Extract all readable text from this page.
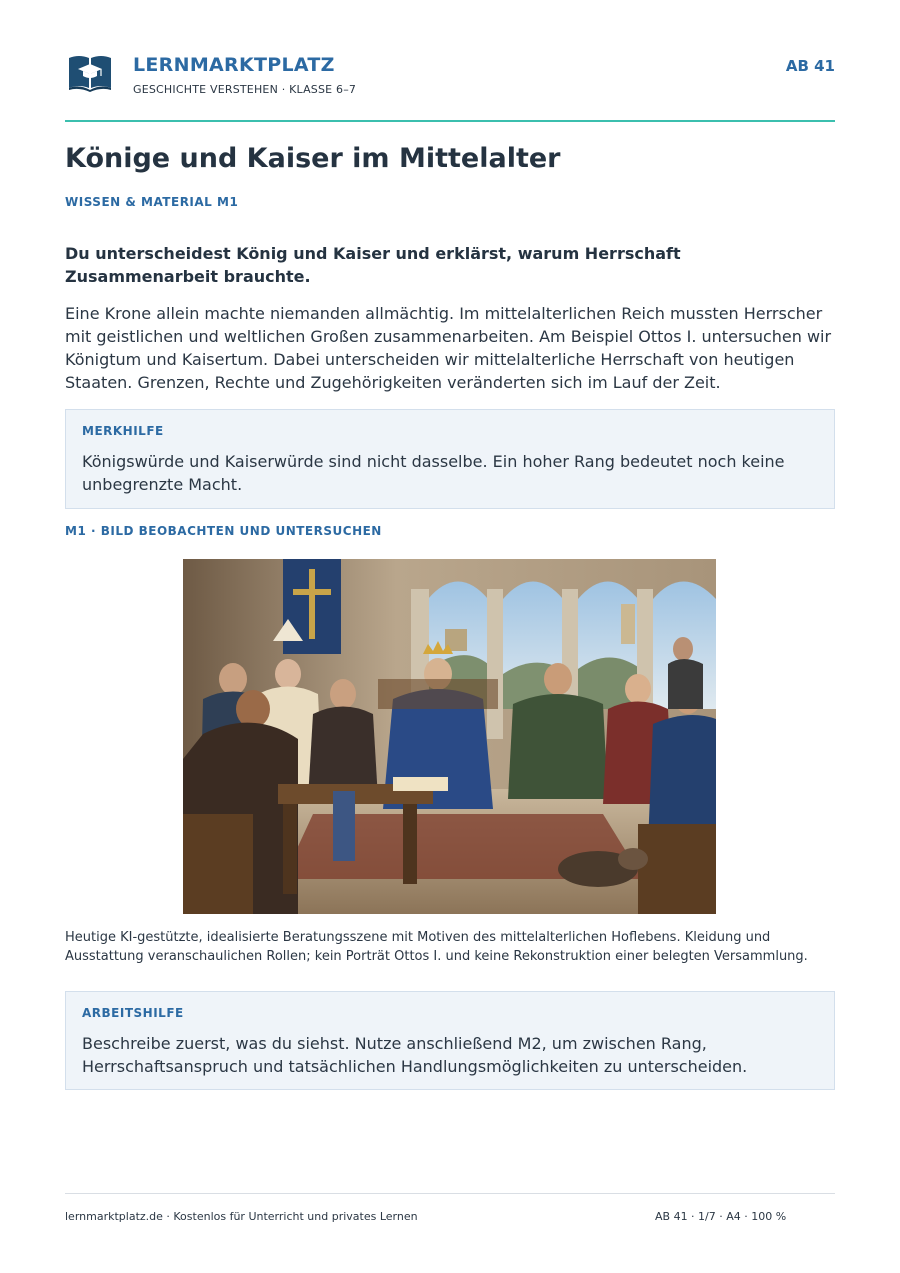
LERNMARKTPLATZ
GESCHICHTE VERSTEHEN · KLASSE 6–7
AB 41
Könige und Kaiser im Mittelalter
WISSEN & MATERIAL M1

Du unterscheidest König und Kaiser und erklärst, warum Herrschaft Zusammenarbeit brauchte.

Eine Krone allein machte niemanden allmächtig. Im mittelalterlichen Reich mussten Herrscher mit geistlichen und weltlichen Großen zusammenarbeiten. Am Beispiel Ottos I. untersuchen wir Königtum und Kaisertum. Dabei unterscheiden wir mittelalterliche Herrschaft von heutigen Staaten. Grenzen, Rechte und Zugehörigkeiten veränderten sich im Lauf der Zeit.

MERKHILFE

Königswürde und Kaiserwürde sind nicht dasselbe. Ein hoher Rang bedeutet noch keine unbegrenzte Macht.

M1 · BILD BEOBACHTEN UND UNTERSUCHEN

Heutige KI-gestützte, idealisierte Beratungsszene mit Motiven des mittelalterlichen Hoflebens. Kleidung und Ausstattung veranschaulichen Rollen; kein Porträt Ottos I. und keine Rekonstruktion einer belegten Versammlung.

ARBEITSHILFE

Beschreibe zuerst, was du siehst. Nutze anschließend M2, um zwischen Rang, Herrschaftsanspruch und tatsächlichen Handlungsmöglichkeiten zu unterscheiden.

lernmarktplatz.de · Kostenlos für Unterricht und privates Lernen	AB 41 · 1/7 · A4 · 100 %
